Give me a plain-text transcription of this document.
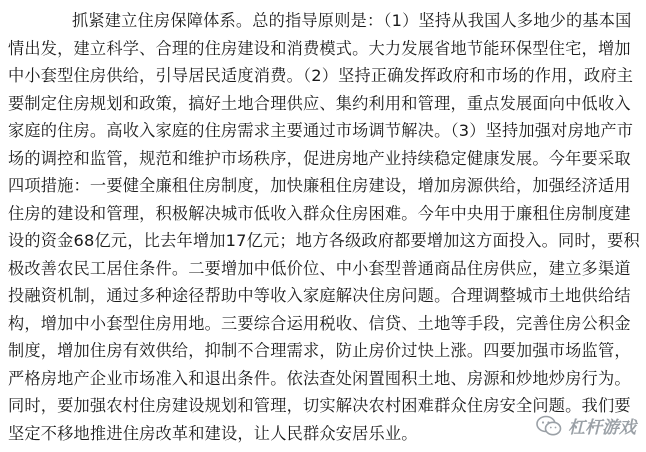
抓紧建立住房保障体系。总的指导原则是：（1）坚持从我国人多地少的基本国
情出发，建立科学、合理的住房建设和消费模式。大力发展省地节能环保型住宅，增加
中小套型住房供给，引导居民适度消费。（2）坚持正确发挥政府和市场的作用，政府主
要制定住房规划和政策，搞好土地合理供应、集约利用和管理，重点发展面向中低收入
家庭的住房。高收入家庭的住房需求主要通过市场调节解决。（3）坚持加强对房地产市
场的调控和监管，规范和维护市场秩序，促进房地产业持续稳定健康发展。今年要采取
四项措施：一要健全廉租住房制度，加快廉租住房建设，增加房源供给，加强经济适用
住房的建设和管理，积极解决城市低收入群众住房困难。今年中央用于廉租住房制度建
设的资金68亿元，比去年增加17亿元；地方各级政府都要增加这方面投入。同时，要积
极改善农民工居住条件。二要增加中低价位、中小套型普通商品住房供应，建立多渠道
投融资机制，通过多种途径帮助中等收入家庭解决住房问题。合理调整城市土地供给结
构，增加中小套型住房用地。三要综合运用税收、信贷、土地等手段，完善住房公积金
制度，增加住房有效供给，抑制不合理需求，防止房价过快上涨。四要加强市场监管，
严格房地产企业市场准入和退出条件。依法查处闲置囤积土地、房源和炒地炒房行为。
同时，要加强农村住房建设规划和管理，切实解决农村困难群众住房安全问题。我们要
坚定不移地推进住房改革和建设，让人民群众安居乐业。	杠杆游戏
